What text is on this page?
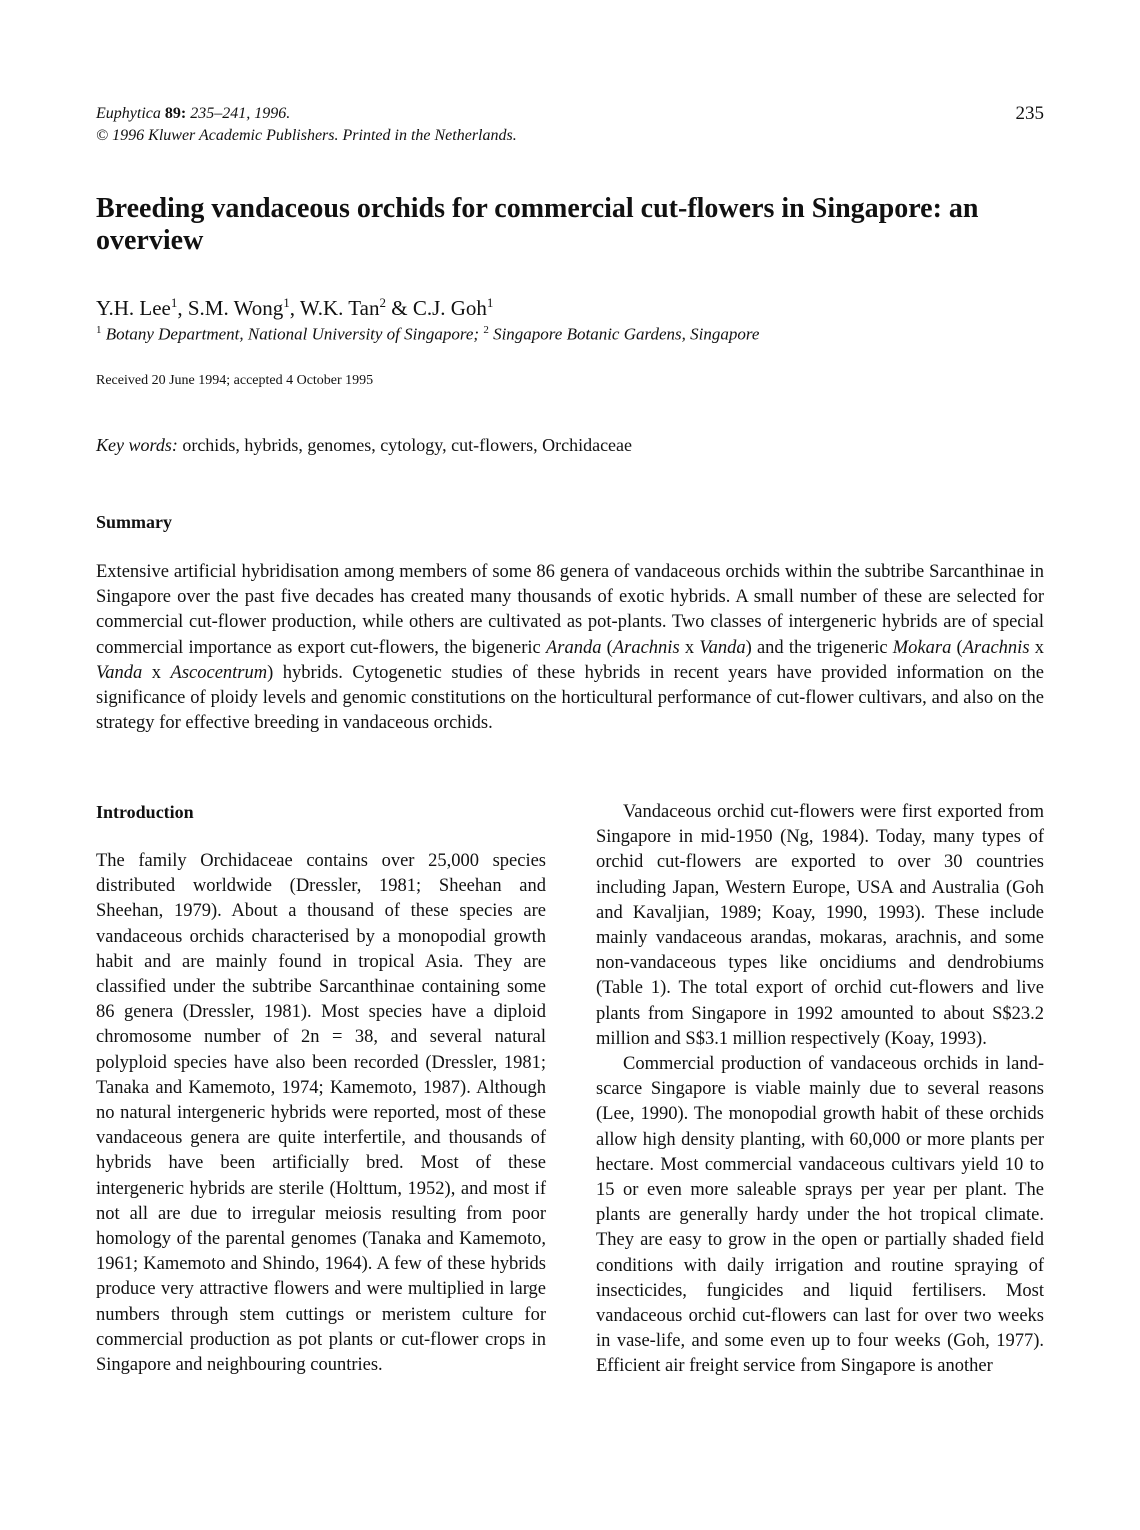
Euphytica 89: 235–241, 1996.
© 1996 Kluwer Academic Publishers. Printed in the Netherlands.
235
Breeding vandaceous orchids for commercial cut-flowers in Singapore: an overview
Y.H. Lee$^1$, S.M. Wong$^1$, W.K. Tan$^2$ & C.J. Goh$^1$
$^1$ Botany Department, National University of Singapore; $^2$ Singapore Botanic Gardens, Singapore
Received 20 June 1994; accepted 4 October 1995
Key words: orchids, hybrids, genomes, cytology, cut-flowers, Orchidaceae
Summary

Extensive artificial hybridisation among members of some 86 genera of vandaceous orchids within the subtribe Sarcanthinae in Singapore over the past five decades has created many thousands of exotic hybrids. A small number of these are selected for commercial cut-flower production, while others are cultivated as pot-plants. Two classes of intergeneric hybrids are of special commercial importance as export cut-flowers, the bigeneric Aranda (Arachnis x Vanda) and the trigeneric Mokara (Arachnis x Vanda x Ascocentrum) hybrids. Cytogenetic studies of these hybrids in recent years have provided information on the significance of ploidy levels and genomic constitutions on the horticultural performance of cut-flower cultivars, and also on the strategy for effective breeding in vandaceous orchids.

Introduction

The family Orchidaceae contains over 25,000 species distributed worldwide (Dressler, 1981; Sheehan and Sheehan, 1979). About a thousand of these species are vandaceous orchids characterised by a monopodial growth habit and are mainly found in tropical Asia. They are classified under the subtribe Sarcanthinae containing some 86 genera (Dressler, 1981). Most species have a diploid chromosome number of 2n = 38, and several natural polyploid species have also been recorded (Dressler, 1981; Tanaka and Kamemoto, 1974; Kamemoto, 1987). Although no natural intergeneric hybrids were reported, most of these vandaceous genera are quite interfertile, and thousands of hybrids have been artificially bred. Most of these intergeneric hybrids are sterile (Holttum, 1952), and most if not all are due to irregular meiosis resulting from poor homology of the parental genomes (Tanaka and Kamemoto, 1961; Kamemoto and Shindo, 1964). A few of these hybrids produce very attractive flowers and were multiplied in large numbers through stem cuttings or meristem culture for commercial production as pot plants or cut-flower crops in Singapore and neighbouring countries.

Vandaceous orchid cut-flowers were first exported from Singapore in mid-1950 (Ng, 1984). Today, many types of orchid cut-flowers are exported to over 30 countries including Japan, Western Europe, USA and Australia (Goh and Kavaljian, 1989; Koay, 1990, 1993). These include mainly vandaceous arandas, mokaras, arachnis, and some non-vandaceous types like oncidiums and dendrobiums (Table 1). The total export of orchid cut-flowers and live plants from Singapore in 1992 amounted to about S$23.2 million and S$3.1 million respectively (Koay, 1993).

Commercial production of vandaceous orchids in land-scarce Singapore is viable mainly due to several reasons (Lee, 1990). The monopodial growth habit of these orchids allow high density planting, with 60,000 or more plants per hectare. Most commercial vandaceous cultivars yield 10 to 15 or even more saleable sprays per year per plant. The plants are generally hardy under the hot tropical climate. They are easy to grow in the open or partially shaded field conditions with daily irrigation and routine spraying of insecticides, fungicides and liquid fertilisers. Most vandaceous orchid cut-flowers can last for over two weeks in vase-life, and some even up to four weeks (Goh, 1977). Efficient air freight service from Singapore is another
